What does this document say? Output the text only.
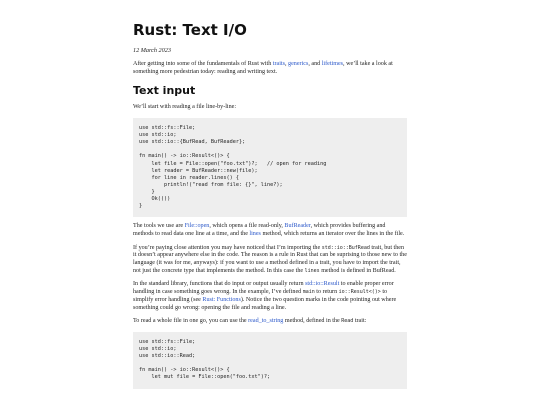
Rust: Text I/O
12 March 2023

After getting into some of the fundamentals of Rust with traits, generics, and lifetimes, we’ll take a look at something more pedestrian today: reading and writing text.

Text input

We’ll start with reading a file line-by-line:

use std::fs::File;
use std::io;
use std::io::{BufRead, BufReader};
fn main() -> io::Result<()> {
let file = File::open("foo.txt")?;   // open for reading
let reader = BufReader::new(file);
for line in reader.lines() {
println!("read from file: {}", line?);
}
Ok(())
}

The tools we use are File::open, which opens a file read-only, BufReader, which provides buffering and methods to read data one line at a time, and the lines method, which returns an iterator over the lines in the file.

If you’re paying close attention you may have noticed that I’m importing the std::io::BufRead trait, but then it doesn’t appear anywhere else in the code. The reason is a rule in Rust that can be suprising to those new to the language (it was for me, anyways): if you want to use a method defined in a trait, you have to import the trait, not just the concrete type that implements the method. In this case the lines method is defined in BufRead.

In the standard library, functions that do input or output usually return std::io::Result to enable proper error handling in case something goes wrong. In the example, I’ve defined main to return io::Result<()> to simplify error handling (see Rust: Functions). Notice the two question marks in the code pointing out where something could go wrong: opening the file and reading a line.

To read a whole file in one go, you can use the read_to_string method, defined in the Read trait:

use std::fs::File;
use std::io;
use std::io::Read;
fn main() -> io::Result<()> {
let mut file = File::open("foo.txt")?;
